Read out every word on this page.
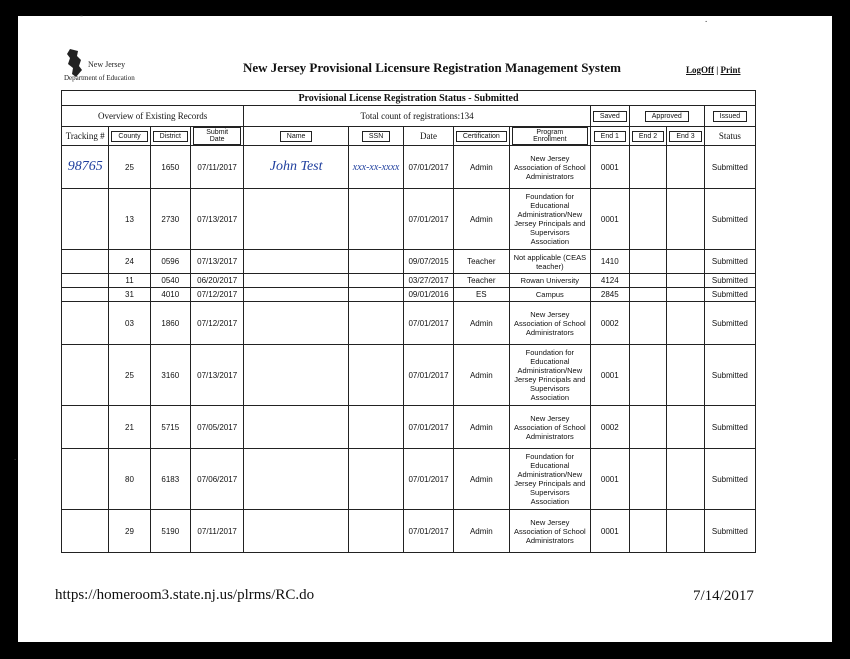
-	.
.
New Jersey
Department of Education
New Jersey Provisional Licensure Registration Management System	LogOff | Print
Provisional License Registration Status - Submitted												
Overview of Existing Records				Total count of registrations:134					Saved	Approved		Issued
Tracking #	County	District	Submit Date	Name	SSN	Date	Certification	Program Enrollment	End 1	End 2	End 3	Status
98765	25	1650	07/11/2017	John Test	xxx-xx-xxxx	07/01/2017	Admin	New Jersey Association of School Administrators	0001			Submitted
	13	2730	07/13/2017			07/01/2017	Admin	Foundation for Educational Administration/New Jersey Principals and Supervisors Association	0001			Submitted
	24	0596	07/13/2017			09/07/2015	Teacher	Not applicable (CEAS teacher)	1410			Submitted
	11	0540	06/20/2017			03/27/2017	Teacher	Rowan University	4124			Submitted
	31	4010	07/12/2017			09/01/2016	ES	Campus	2845			Submitted
	03	1860	07/12/2017			07/01/2017	Admin	New Jersey Association of School Administrators	0002			Submitted
	25	3160	07/13/2017			07/01/2017	Admin	Foundation for Educational Administration/New Jersey Principals and Supervisors Association	0001			Submitted
	21	5715	07/05/2017			07/01/2017	Admin	New Jersey Association of School Administrators	0002			Submitted
	80	6183	07/06/2017			07/01/2017	Admin	Foundation for Educational Administration/New Jersey Principals and Supervisors Association	0001			Submitted
	29	5190	07/11/2017			07/01/2017	Admin	New Jersey Association of School Administrators	0001			Submitted
https://homeroom3.state.nj.us/plrms/RC.do	7/14/2017
